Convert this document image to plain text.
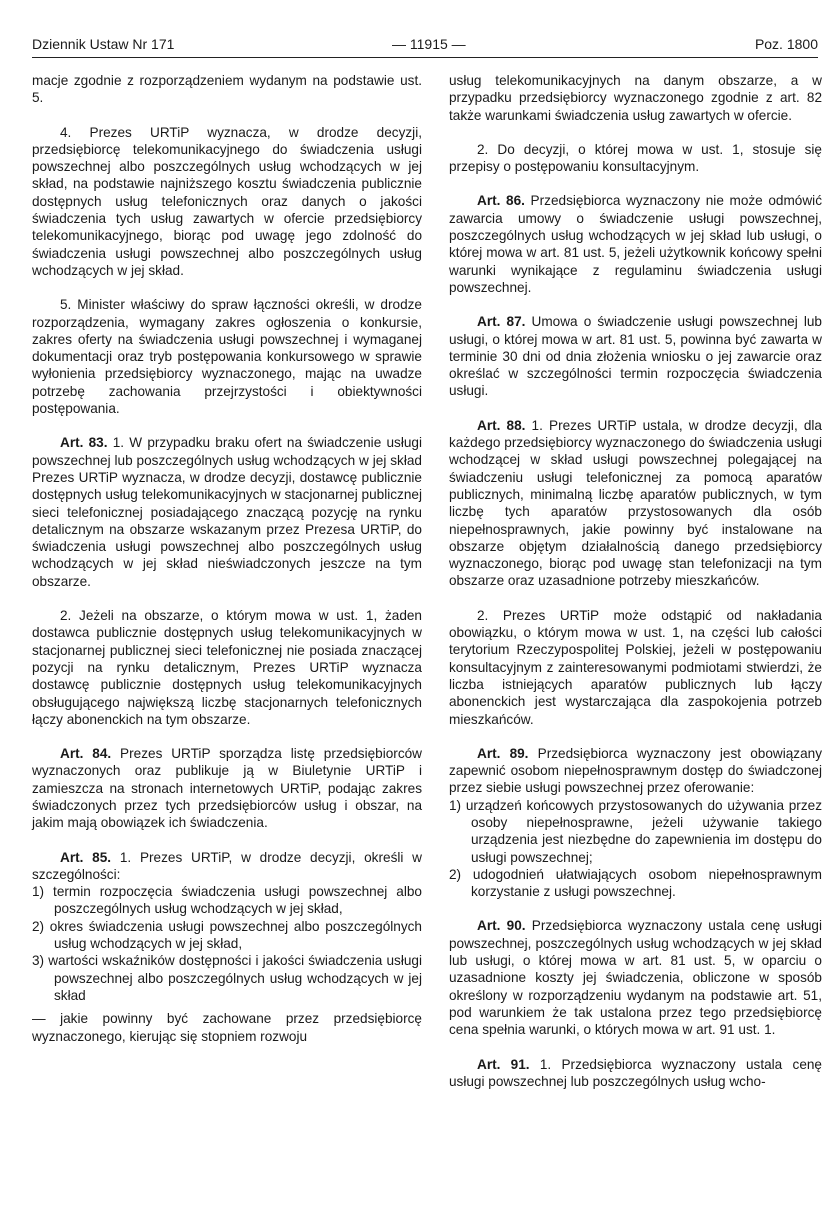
Dziennik Ustaw Nr 171	— 11915 —	Poz. 1800

macje zgodnie z rozporządzeniem wydanym na podstawie ust. 5.

4. Prezes URTiP wyznacza, w drodze decyzji, przedsiębiorcę telekomunikacyjnego do świadczenia usługi powszechnej albo poszczególnych usług wchodzących w jej skład, na podstawie najniższego kosztu świadczenia publicznie dostępnych usług telefonicznych oraz danych o jakości świadczenia tych usług zawartych w ofercie przedsiębiorcy telekomunikacyjnego, biorąc pod uwagę jego zdolność do świadczenia usługi powszechnej albo poszczególnych usług wchodzących w jej skład.

5. Minister właściwy do spraw łączności określi, w drodze rozporządzenia, wymagany zakres ogłoszenia o konkursie, zakres oferty na świadczenia usługi powszechnej i wymaganej dokumentacji oraz tryb postępowania konkursowego w sprawie wyłonienia przedsiębiorcy wyznaczonego, mając na uwadze potrzebę zachowania przejrzystości i obiektywności postępowania.

Art. 83. 1. W przypadku braku ofert na świadczenie usługi powszechnej lub poszczególnych usług wchodzących w jej skład Prezes URTiP wyznacza, w drodze decyzji, dostawcę publicznie dostępnych usług telekomunikacyjnych w stacjonarnej publicznej sieci telefonicznej posiadającego znaczącą pozycję na rynku detalicznym na obszarze wskazanym przez Prezesa URTiP, do świadczenia usługi powszechnej albo poszczególnych usług wchodzących w jej skład nieświadczonych jeszcze na tym obszarze.

2. Jeżeli na obszarze, o którym mowa w ust. 1, żaden dostawca publicznie dostępnych usług telekomunikacyjnych w stacjonarnej publicznej sieci telefonicznej nie posiada znaczącej pozycji na rynku detalicznym, Prezes URTiP wyznacza dostawcę publicznie dostępnych usług telekomunikacyjnych obsługującego największą liczbę stacjonarnych telefonicznych łączy abonenckich na tym obszarze.

Art. 84. Prezes URTiP sporządza listę przedsiębiorców wyznaczonych oraz publikuje ją w Biuletynie URTiP i zamieszcza na stronach internetowych URTiP, podając zakres świadczonych przez tych przedsiębiorców usług i obszar, na jakim mają obowiązek ich świadczenia.

Art. 85. 1. Prezes URTiP, w drodze decyzji, określi w szczególności:

1) termin rozpoczęcia świadczenia usługi powszechnej albo poszczególnych usług wchodzących w jej skład,

2) okres świadczenia usługi powszechnej albo poszczególnych usług wchodzących w jej skład,

3) wartości wskaźników dostępności i jakości świadczenia usługi powszechnej albo poszczególnych usług wchodzących w jej skład

— jakie powinny być zachowane przez przedsiębiorcę wyznaczonego, kierując się stopniem rozwoju

usług telekomunikacyjnych na danym obszarze, a w przypadku przedsiębiorcy wyznaczonego zgodnie z art. 82 także warunkami świadczenia usług zawartych w ofercie.

2. Do decyzji, o której mowa w ust. 1, stosuje się przepisy o postępowaniu konsultacyjnym.

Art. 86. Przedsiębiorca wyznaczony nie może odmówić zawarcia umowy o świadczenie usługi powszechnej, poszczególnych usług wchodzących w jej skład lub usługi, o której mowa w art. 81 ust. 5, jeżeli użytkownik końcowy spełni warunki wynikające z regulaminu świadczenia usługi powszechnej.

Art. 87. Umowa o świadczenie usługi powszechnej lub usługi, o której mowa w art. 81 ust. 5, powinna być zawarta w terminie 30 dni od dnia złożenia wniosku o jej zawarcie oraz określać w szczególności termin rozpoczęcia świadczenia usługi.

Art. 88. 1. Prezes URTiP ustala, w drodze decyzji, dla każdego przedsiębiorcy wyznaczonego do świadczenia usługi wchodzącej w skład usługi powszechnej polegającej na świadczeniu usługi telefonicznej za pomocą aparatów publicznych, minimalną liczbę aparatów publicznych, w tym liczbę tych aparatów przystosowanych dla osób niepełnosprawnych, jakie powinny być instalowane na obszarze objętym działalnością danego przedsiębiorcy wyznaczonego, biorąc pod uwagę stan telefonizacji na tym obszarze oraz uzasadnione potrzeby mieszkańców.

2. Prezes URTiP może odstąpić od nakładania obowiązku, o którym mowa w ust. 1, na części lub całości terytorium Rzeczypospolitej Polskiej, jeżeli w postępowaniu konsultacyjnym z zainteresowanymi podmiotami stwierdzi, że liczba istniejących aparatów publicznych lub łączy abonenckich jest wystarczająca dla zaspokojenia potrzeb mieszkańców.

Art. 89. Przedsiębiorca wyznaczony jest obowiązany zapewnić osobom niepełnosprawnym dostęp do świadczonej przez siebie usługi powszechnej przez oferowanie:

1) urządzeń końcowych przystosowanych do używania przez osoby niepełnosprawne, jeżeli używanie takiego urządzenia jest niezbędne do zapewnienia im dostępu do usługi powszechnej;

2) udogodnień ułatwiających osobom niepełnosprawnym korzystanie z usługi powszechnej.

Art. 90. Przedsiębiorca wyznaczony ustala cenę usługi powszechnej, poszczególnych usług wchodzących w jej skład lub usługi, o której mowa w art. 81 ust. 5, w oparciu o uzasadnione koszty jej świadczenia, obliczone w sposób określony w rozporządzeniu wydanym na podstawie art. 51, pod warunkiem że tak ustalona przez tego przedsiębiorcę cena spełnia warunki, o których mowa w art. 91 ust. 1.

Art. 91. 1. Przedsiębiorca wyznaczony ustala cenę usługi powszechnej lub poszczególnych usług wcho-
